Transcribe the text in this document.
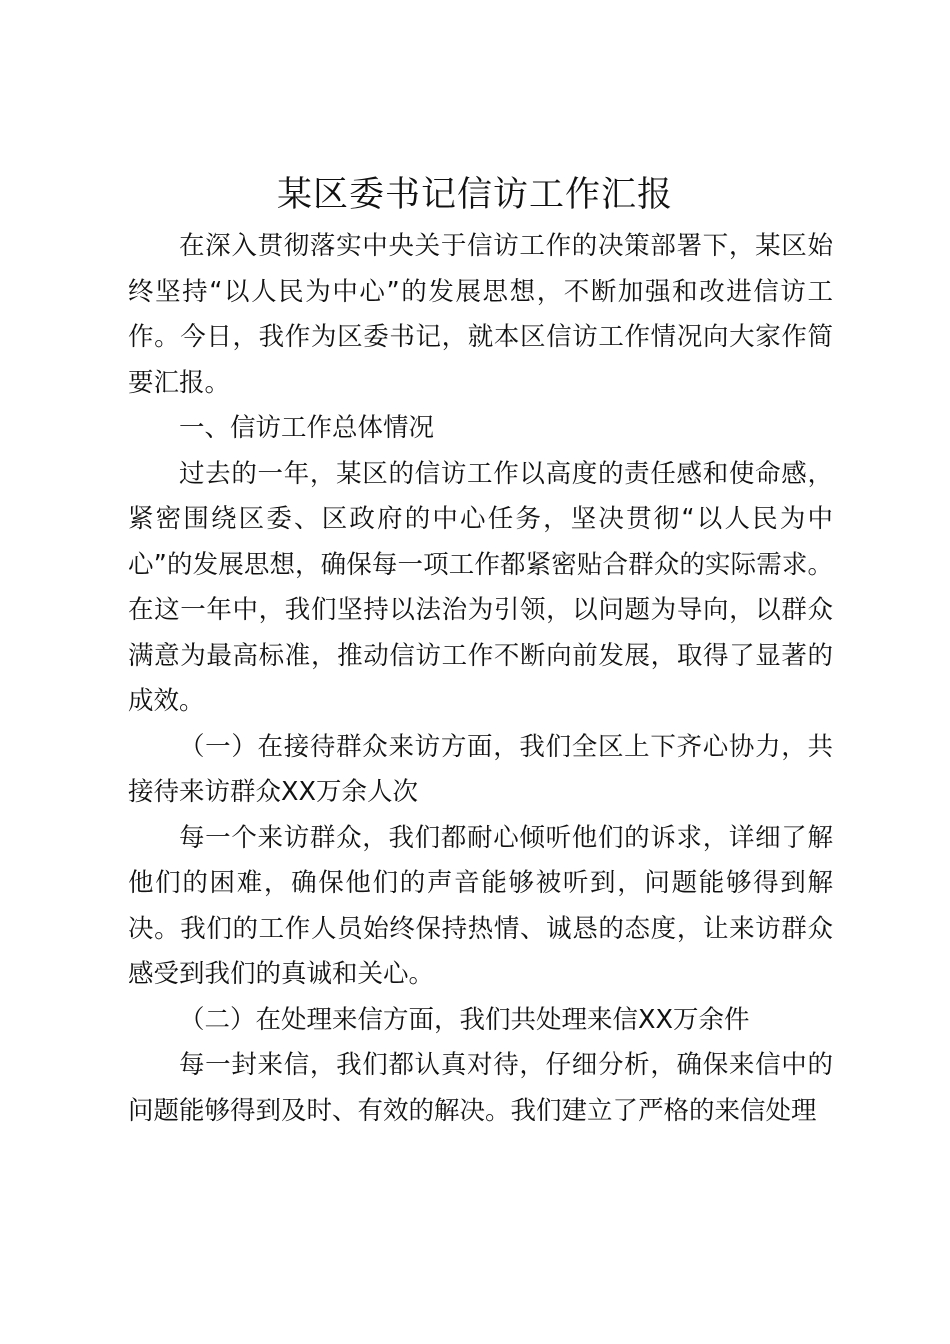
某区委书记信访工作汇报

在深入贯彻落实中央关于信访工作的决策部署下，某区始终坚持“以人民为中心”的发展思想，不断加强和改进信访工作。今日，我作为区委书记，就本区信访工作情况向大家作简要汇报。

一、信访工作总体情况

过去的一年，某区的信访工作以高度的责任感和使命感，紧密围绕区委、区政府的中心任务，坚决贯彻“以人民为中心”的发展思想，确保每一项工作都紧密贴合群众的实际需求。在这一年中，我们坚持以法治为引领，以问题为导向，以群众满意为最高标准，推动信访工作不断向前发展，取得了显著的成效。

（一）在接待群众来访方面，我们全区上下齐心协力，共接待来访群众XX万余人次

每一个来访群众，我们都耐心倾听他们的诉求，详细了解他们的困难，确保他们的声音能够被听到，问题能够得到解决。我们的工作人员始终保持热情、诚恳的态度，让来访群众感受到我们的真诚和关心。

（二）在处理来信方面，我们共处理来信XX万余件

每一封来信，我们都认真对待，仔细分析，确保来信中的问题能够得到及时、有效的解决。我们建立了严格的来信处理
